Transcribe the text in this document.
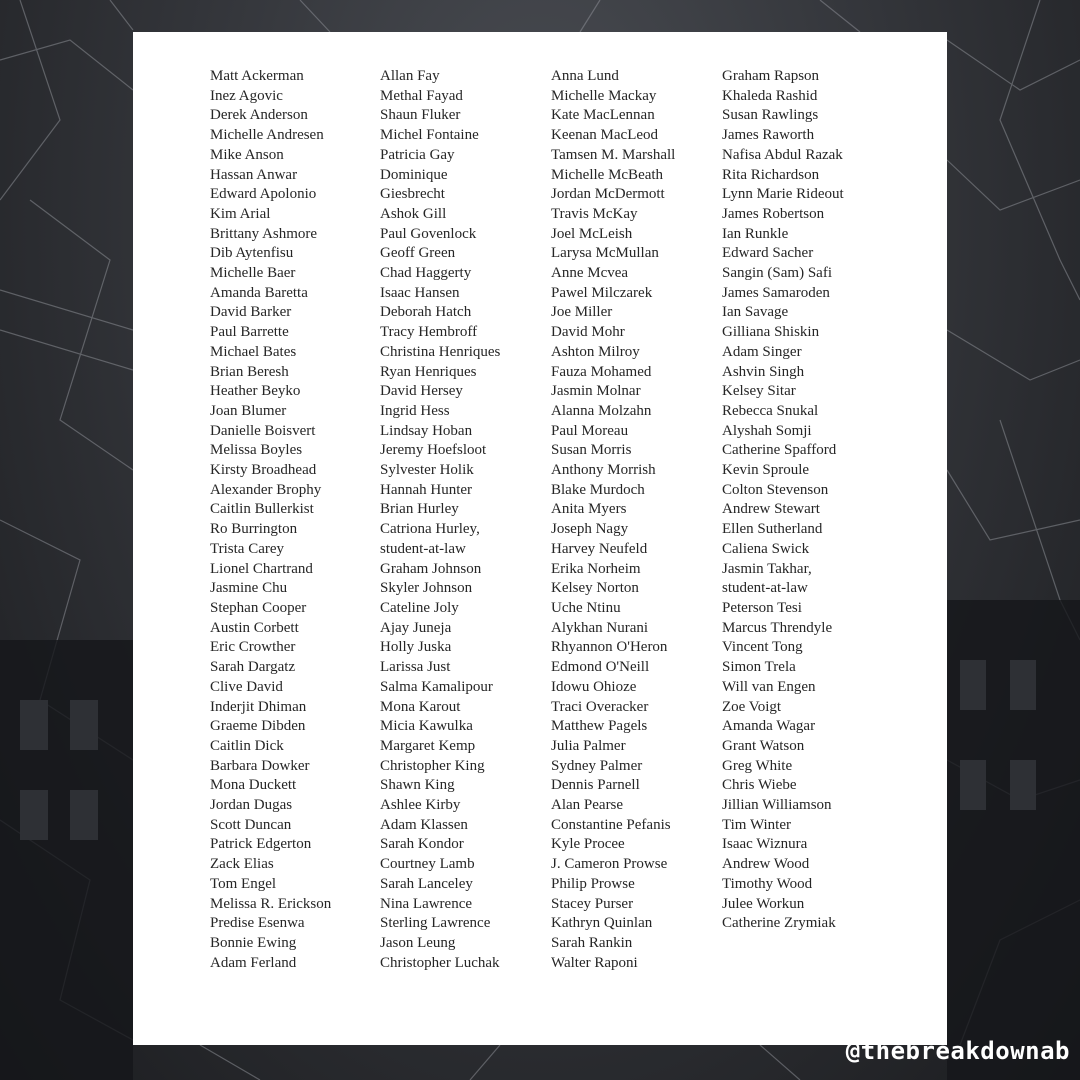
Matt Ackerman
Inez Agovic
Derek Anderson
Michelle Andresen
Mike Anson
Hassan Anwar
Edward Apolonio
Kim Arial
Brittany Ashmore
Dib Aytenfisu
Michelle Baer
Amanda Baretta
David Barker
Paul Barrette
Michael Bates
Brian Beresh
Heather Beyko
Joan Blumer
Danielle Boisvert
Melissa Boyles
Kirsty Broadhead
Alexander Brophy
Caitlin Bullerkist
Ro Burrington
Trista Carey
Lionel Chartrand
Jasmine Chu
Stephan Cooper
Austin Corbett
Eric Crowther
Sarah Dargatz
Clive David
Inderjit Dhiman
Graeme Dibden
Caitlin Dick
Barbara Dowker
Mona Duckett
Jordan Dugas
Scott Duncan
Patrick Edgerton
Zack Elias
Tom Engel
Melissa R. Erickson
Predise Esenwa
Bonnie Ewing
Adam Ferland
Allan Fay
Methal Fayad
Shaun Fluker
Michel Fontaine
Patricia Gay
Dominique
Giesbrecht
Ashok Gill
Paul Govenlock
Geoff Green
Chad Haggerty
Isaac Hansen
Deborah Hatch
Tracy Hembroff
Christina Henriques
Ryan Henriques
David Hersey
Ingrid Hess
Lindsay Hoban
Jeremy Hoefsloot
Sylvester Holik
Hannah Hunter
Brian Hurley
Catriona Hurley,
student-at-law
Graham Johnson
Skyler Johnson
Cateline Joly
Ajay Juneja
Holly Juska
Larissa Just
Salma Kamalipour
Mona Karout
Micia Kawulka
Margaret Kemp
Christopher King
Shawn King
Ashlee Kirby
Adam Klassen
Sarah Kondor
Courtney Lamb
Sarah Lanceley
Nina Lawrence
Sterling Lawrence
Jason Leung
Christopher Luchak
Anna Lund
Michelle Mackay
Kate MacLennan
Keenan MacLeod
Tamsen M. Marshall
Michelle McBeath
Jordan McDermott
Travis McKay
Joel McLeish
Larysa McMullan
Anne Mcvea
Pawel Milczarek
Joe Miller
David Mohr
Ashton Milroy
Fauza Mohamed
Jasmin Molnar
Alanna Molzahn
Paul Moreau
Susan Morris
Anthony Morrish
Blake Murdoch
Anita Myers
Joseph Nagy
Harvey Neufeld
Erika Norheim
Kelsey Norton
Uche Ntinu
Alykhan Nurani
Rhyannon O'Heron
Edmond O'Neill
Idowu Ohioze
Traci Overacker
Matthew Pagels
Julia Palmer
Sydney Palmer
Dennis Parnell
Alan Pearse
Constantine Pefanis
Kyle Procee
J. Cameron Prowse
Philip Prowse
Stacey Purser
Kathryn Quinlan
Sarah Rankin
Walter Raponi
Graham Rapson
Khaleda Rashid
Susan Rawlings
James Raworth
Nafisa Abdul Razak
Rita Richardson
Lynn Marie Rideout
James Robertson
Ian Runkle
Edward Sacher
Sangin (Sam) Safi
James Samaroden
Ian Savage
Gilliana Shiskin
Adam Singer
Ashvin Singh
Kelsey Sitar
Rebecca Snukal
Alyshah Somji
Catherine Spafford
Kevin Sproule
Colton Stevenson
Andrew Stewart
Ellen Sutherland
Caliena Swick
Jasmin Takhar,
student-at-law
Peterson Tesi
Marcus Threndyle
Vincent Tong
Simon Trela
Will van Engen
Zoe Voigt
Amanda Wagar
Grant Watson
Greg White
Chris Wiebe
Jillian Williamson
Tim Winter
Isaac Wiznura
Andrew Wood
Timothy Wood
Julee Workun
Catherine Zrymiak
@thebreakdownab
